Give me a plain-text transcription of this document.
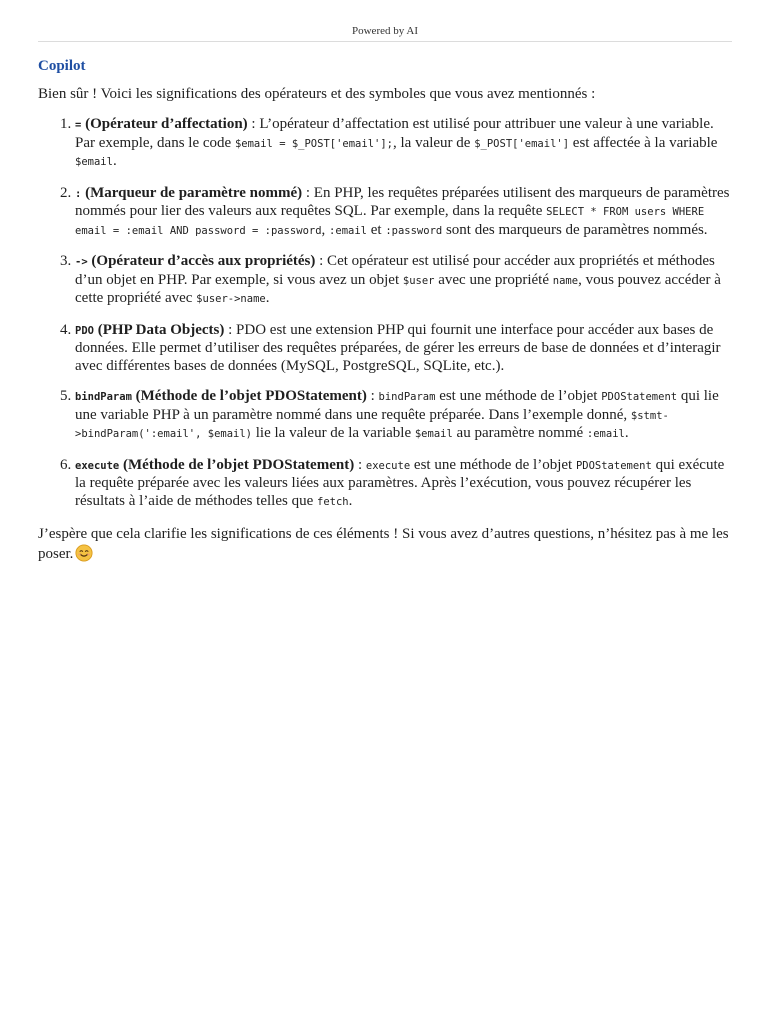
Powered by AI
Copilot

Bien sûr ! Voici les significations des opérateurs et des symboles que vous avez mentionnés :

1. = (Opérateur d’affectation) : L’opérateur d’affectation est utilisé pour attribuer une valeur à une variable. Par exemple, dans le code $email = $_POST['email'];, la valeur de $_POST['email'] est affectée à la variable $email.
2. : (Marqueur de paramètre nommé) : En PHP, les requêtes préparées utilisent des marqueurs de paramètres nommés pour lier des valeurs aux requêtes SQL. Par exemple, dans la requête SELECT * FROM users WHERE email = :email AND password = :password, :email et :password sont des marqueurs de paramètres nommés.
3. -> (Opérateur d’accès aux propriétés) : Cet opérateur est utilisé pour accéder aux propriétés et méthodes d’un objet en PHP. Par exemple, si vous avez un objet $user avec une propriété name, vous pouvez accéder à cette propriété avec $user->name.
4. PDO (PHP Data Objects) : PDO est une extension PHP qui fournit une interface pour accéder aux bases de données. Elle permet d’utiliser des requêtes préparées, de gérer les erreurs de base de données et d’interagir avec différentes bases de données (MySQL, PostgreSQL, SQLite, etc.).
5. bindParam (Méthode de l’objet PDOStatement) : bindParam est une méthode de l’objet PDOStatement qui lie une variable PHP à un paramètre nommé dans une requête préparée. Dans l’exemple donné, $stmt->bindParam(':email', $email) lie la valeur de la variable $email au paramètre nommé :email.
6. execute (Méthode de l’objet PDOStatement) : execute est une méthode de l’objet PDOStatement qui exécute la requête préparée avec les valeurs liées aux paramètres. Après l’exécution, vous pouvez récupérer les résultats à l’aide de méthodes telles que fetch.

J’espère que cela clarifie les significations de ces éléments ! Si vous avez d’autres questions, n’hésitez pas à me les poser.
